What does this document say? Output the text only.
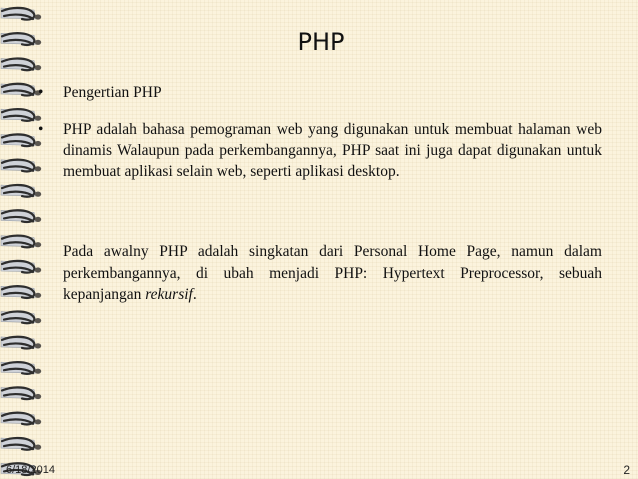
PHP
• Pengertian PHP
• PHP adalah bahasa pemograman web yang digunakan untuk membuat halaman web dinamis Walaupun pada perkembangannya, PHP saat ini juga dapat digunakan untuk membuat aplikasi selain web, seperti aplikasi desktop.
Pada awalny PHP adalah singkatan dari Personal Home Page, namun dalam perkembangannya, di ubah menjadi PHP: Hypertext Preprocessor, sebuah kepanjangan rekursif.
6/18/2014	2
